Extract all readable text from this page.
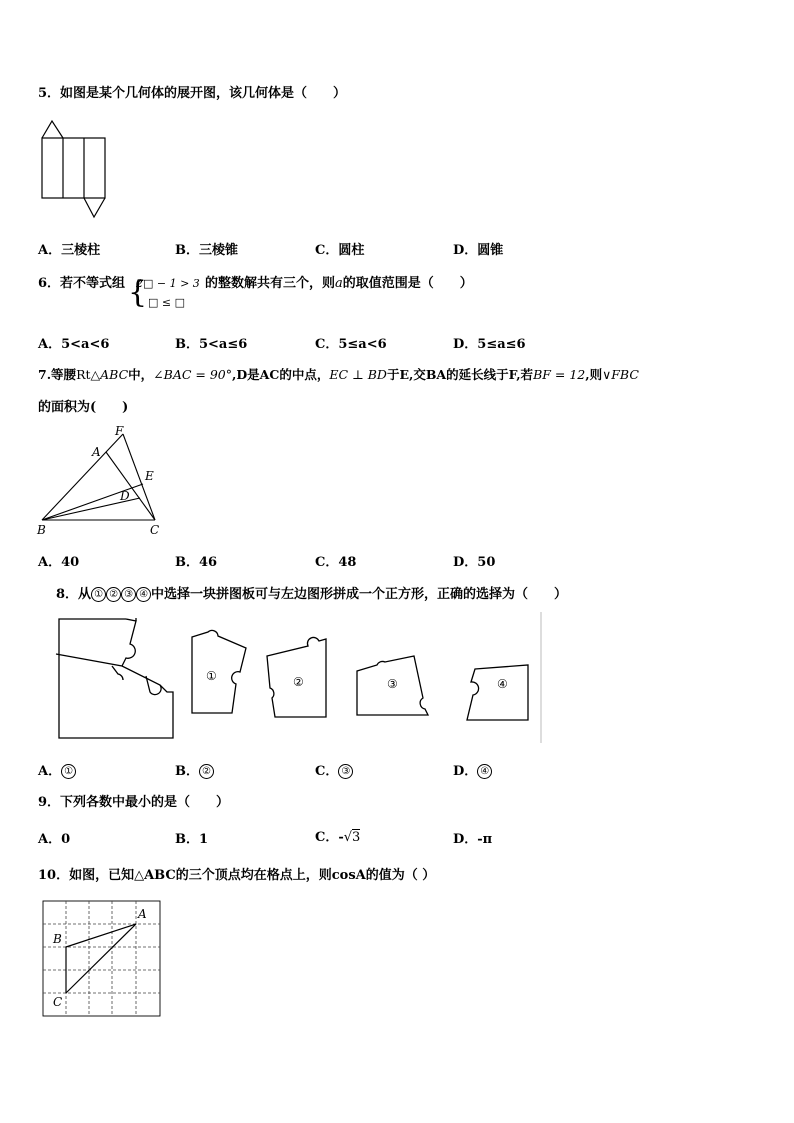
5．如图是某个几何体的展开图，该几何体是（　　）
A．三棱柱	B．三棱锥	C．圆柱	D．圆锥
6．若不等式组 {
2□ − 1 > 3
□ ≤ □
的整数解共有三个，则a的取值范围是（　　）
A．5<a<6	B．5<a≤6	C．5≤a<6	D．5≤a≤6
7.等腰Rt△ABC中，∠BAC = 90°,D是AC的中点，EC ⊥ BD于E,交BA的延长线于F,若BF = 12,则∨FBC
的面积为(　　)
F
A
E
D
B	C
A．40	B．46	C．48	D．50
8．从 ① ② ③ ④ 中选择一块拼图板可与左边图形拼成一个正方形，正确的选择为（　　）
①	②	③	④
A． ①	B． ②	C． ③	D． ④
9．下列各数中最小的是（　　）
A．0	B．1	C．-√3	D．-π
10．如图，已知△ABC的三个顶点均在格点上，则cosA的值为（ ）
A
B
C
